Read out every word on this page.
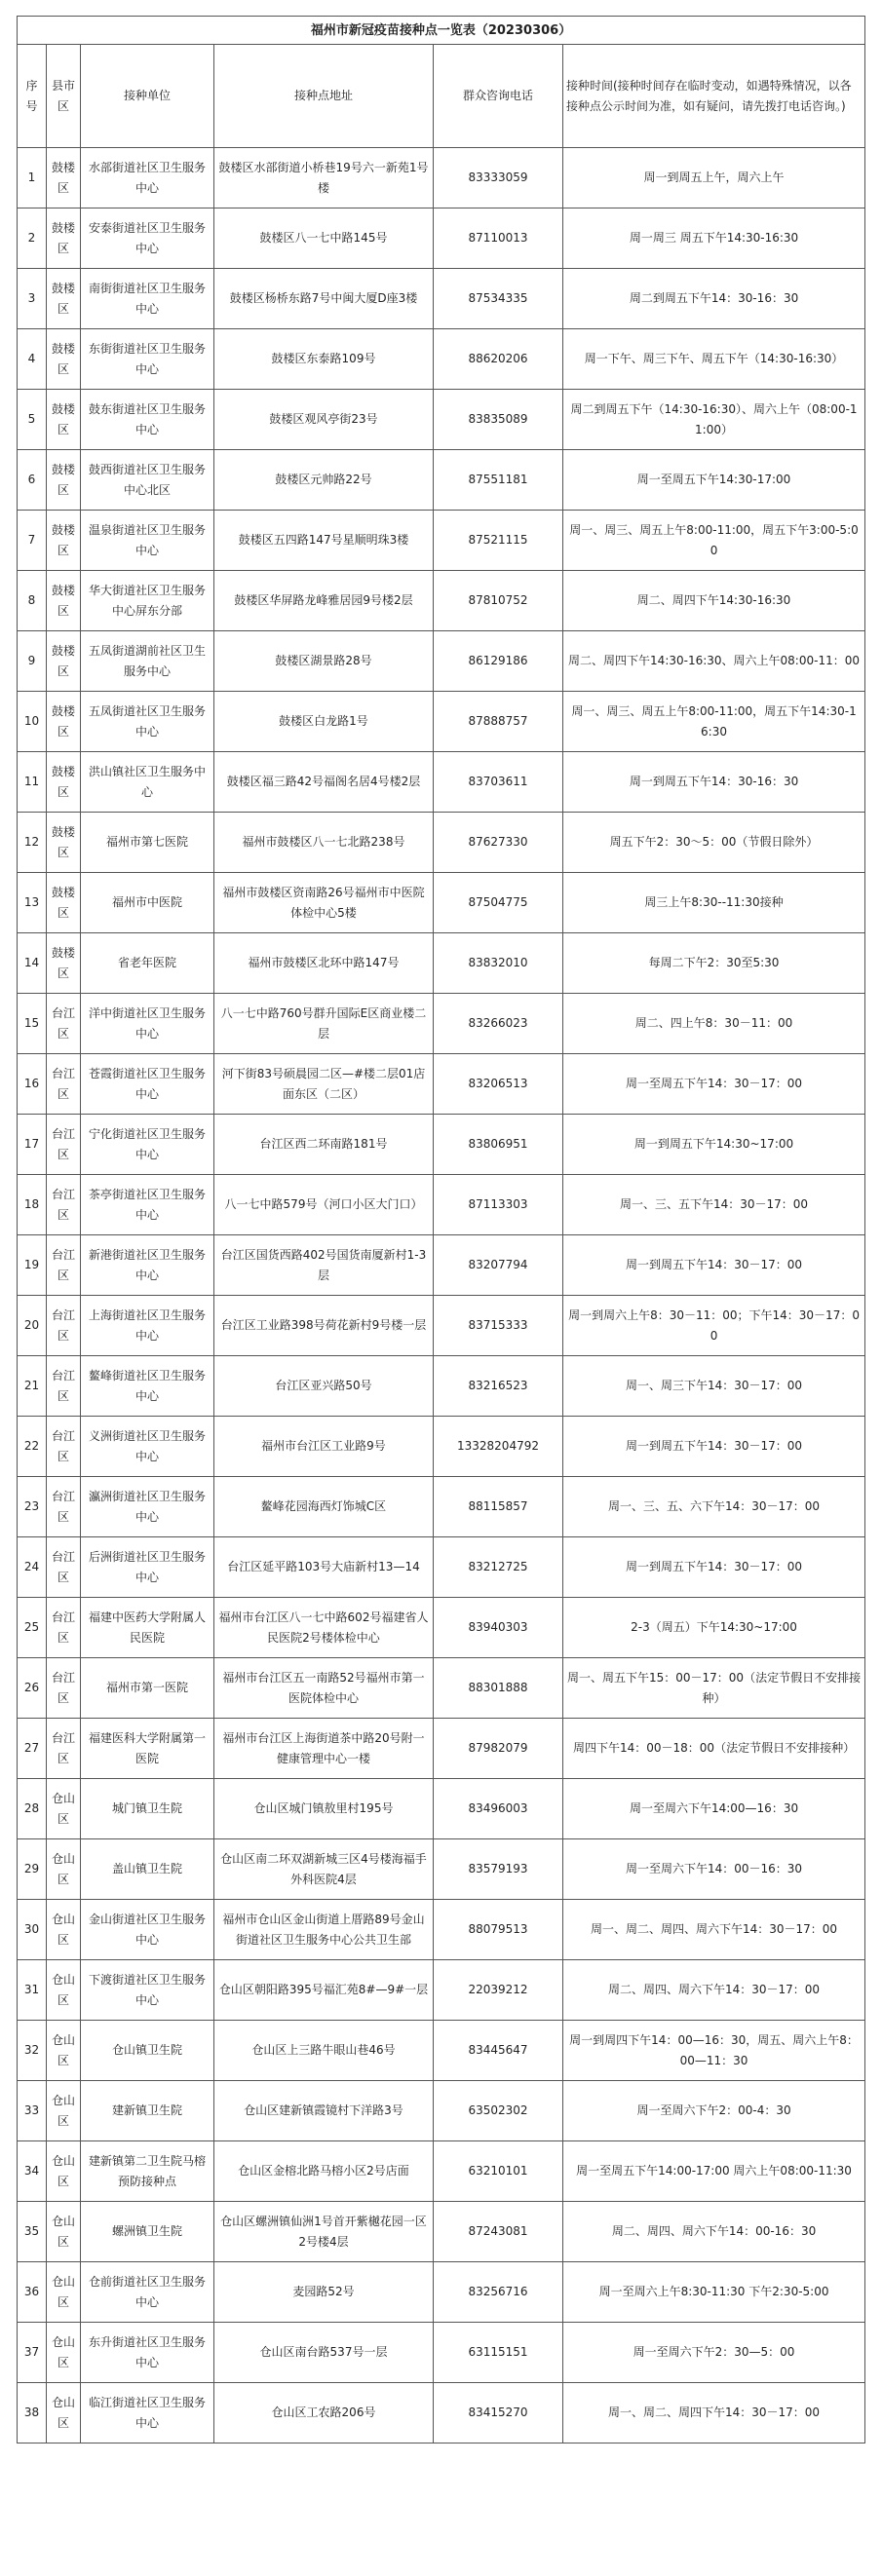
福州市新冠疫苗接种点一览表（20230306）					
序号	县市区	接种单位	接种点地址	群众咨询电话	接种时间(接种时间存在临时变动，如遇特殊情况，以各接种点公示时间为准，如有疑问，请先拨打电话咨询。)
1	鼓楼区	水部街道社区卫生服务中心	鼓楼区水部街道小桥巷19号六一新苑1号楼	83333059	周一到周五上午，周六上午
2	鼓楼区	安泰街道社区卫生服务中心	鼓楼区八一七中路145号	87110013	周一周三 周五下午14:30-16:30
3	鼓楼区	南街街道社区卫生服务中心	鼓楼区杨桥东路7号中闽大厦D座3楼	87534335	周二到周五下午14：30-16：30
4	鼓楼区	东街街道社区卫生服务中心	鼓楼区东泰路109号	88620206	周一下午、周三下午、周五下午（14:30-16:30）
5	鼓楼区	鼓东街道社区卫生服务中心	鼓楼区观风亭街23号	83835089	周二到周五下午（14:30-16:30）、周六上午（08:00-11:00）
6	鼓楼区	鼓西街道社区卫生服务中心北区	鼓楼区元帅路22号	87551181	周一至周五下午14:30-17:00
7	鼓楼区	温泉街道社区卫生服务中心	鼓楼区五四路147号星顺明珠3楼	87521115	周一、周三、周五上午8:00-11:00，周五下午3:00-5:00
8	鼓楼区	华大街道社区卫生服务中心屏东分部	鼓楼区华屏路龙峰雅居园9号楼2层	87810752	周二、周四下午14:30-16:30
9	鼓楼区	五凤街道湖前社区卫生服务中心	鼓楼区湖景路28号	86129186	周二、周四下午14:30-16:30、周六上午08:00-11：00
10	鼓楼区	五凤街道社区卫生服务中心	鼓楼区白龙路1号	87888757	周一、周三、周五上午8:00-11:00，周五下午14:30-16:30
11	鼓楼区	洪山镇社区卫生服务中心	鼓楼区福三路42号福阁名居4号楼2层	83703611	周一到周五下午14：30-16：30
12	鼓楼区	福州市第七医院	福州市鼓楼区八一七北路238号	87627330	周五下午2：30～5：00（节假日除外）
13	鼓楼区	福州市中医院	福州市鼓楼区资南路26号福州市中医院体检中心5楼	87504775	周三上午8:30--11:30接种
14	鼓楼区	省老年医院	福州市鼓楼区北环中路147号	83832010	每周二下午2：30至5:30
15	台江区	洋中街道社区卫生服务中心	八一七中路760号群升国际E区商业楼二层	83266023	周二、四上午8：30－11：00
16	台江区	苍霞街道社区卫生服务中心	河下街83号硕晨园二区—#楼二层01店面东区（二区）	83206513	周一至周五下午14：30－17：00
17	台江区	宁化街道社区卫生服务中心	台江区西二环南路181号	83806951	周一到周五下午14:30~17:00
18	台江区	茶亭街道社区卫生服务中心	八一七中路579号（河口小区大门口）	87113303	周一、三、五下午14：30－17：00
19	台江区	新港街道社区卫生服务中心	台江区国货西路402号国货南厦新村1-3层	83207794	周一到周五下午14：30－17：00
20	台江区	上海街道社区卫生服务中心	台江区工业路398号荷花新村9号楼一层	83715333	周一到周六上午8：30－11：00；下午14：30－17：00
21	台江区	鳌峰街道社区卫生服务中心	台江区亚兴路50号	83216523	周一、周三下午14：30－17：00
22	台江区	义洲街道社区卫生服务中心	福州市台江区工业路9号	13328204792	周一到周五下午14：30－17：00
23	台江区	瀛洲街道社区卫生服务中心	鳌峰花园海西灯饰城C区	88115857	周一、三、五、六下午14：30－17：00
24	台江区	后洲街道社区卫生服务中心	台江区延平路103号大庙新村13—14	83212725	周一到周五下午14：30－17：00
25	台江区	福建中医药大学附属人民医院	福州市台江区八一七中路602号福建省人民医院2号楼体检中心	83940303	2-3（周五）下午14:30~17:00
26	台江区	福州市第一医院	福州市台江区五一南路52号福州市第一医院体检中心	88301888	周一、周五下午15：00－17：00（法定节假日不安排接种）
27	台江区	福建医科大学附属第一医院	福州市台江区上海街道茶中路20号附一健康管理中心一楼	87982079	周四下午14：00－18：00（法定节假日不安排接种）
28	仓山区	城门镇卫生院	仓山区城门镇敖里村195号	83496003	周一至周六下午14:00—16：30
29	仓山区	盖山镇卫生院	仓山区南二环双湖新城三区4号楼海福手外科医院4层	83579193	周一至周六下午14：00－16：30
30	仓山区	金山街道社区卫生服务中心	福州市仓山区金山街道上厝路89号金山街道社区卫生服务中心公共卫生部	88079513	周一、周二、周四、周六下午14：30－17：00
31	仓山区	下渡街道社区卫生服务中心	仓山区朝阳路395号福汇苑8#—9#一层	22039212	周二、周四、周六下午14：30－17：00
32	仓山区	仓山镇卫生院	仓山区上三路牛眼山巷46号	83445647	周一到周四下午14：00—16：30，周五、周六上午8：00—11：30
33	仓山区	建新镇卫生院	仓山区建新镇霞镜村下洋路3号	63502302	周一至周六下午2：00-4：30
34	仓山区	建新镇第二卫生院马榕预防接种点	仓山区金榕北路马榕小区2号店面	63210101	周一至周五下午14:00-17:00 周六上午08:00-11:30
35	仓山区	螺洲镇卫生院	仓山区螺洲镇仙洲1号首开紫樾花园一区2号楼4层	87243081	周二、周四、周六下午14：00-16：30
36	仓山区	仓前街道社区卫生服务中心	麦园路52号	83256716	周一至周六上午8:30-11:30 下午2:30-5:00
37	仓山区	东升街道社区卫生服务中心	仓山区南台路537号一层	63115151	周一至周六下午2：30—5：00
38	仓山区	临江街道社区卫生服务中心	仓山区工农路206号	83415270	周一、周二、周四下午14：30－17：00
